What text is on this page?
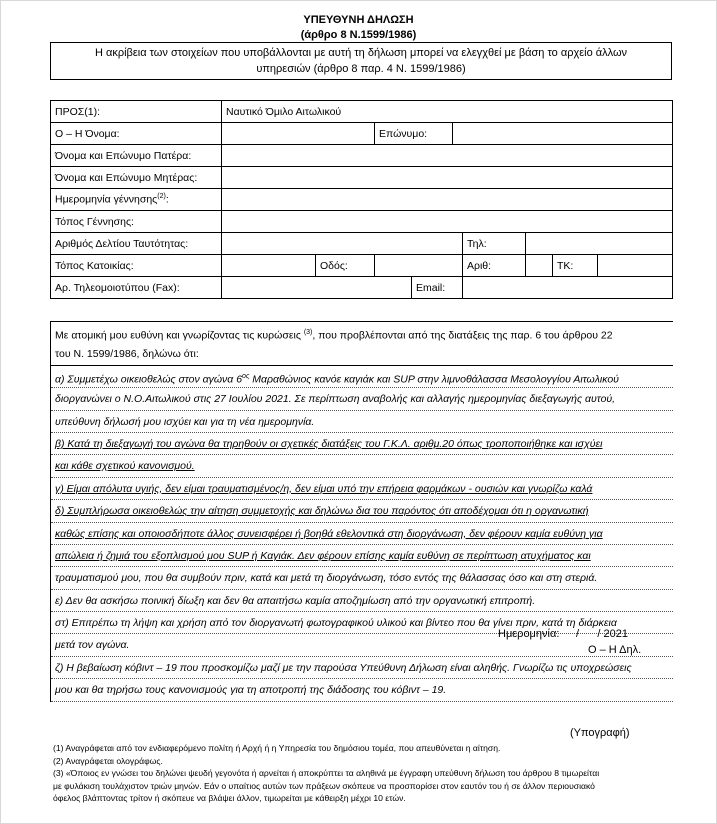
ΥΠΕΥΘΥΝΗ ΔΗΛΩΣΗ
(άρθρο 8 Ν.1599/1986)
Η ακρίβεια των στοιχείων που υποβάλλονται με αυτή τη δήλωση μπορεί να ελεγχθεί με βάση το αρχείο άλλων
υπηρεσιών (άρθρο 8 παρ. 4 Ν. 1599/1986)
ΠΡΟΣ(1):	Ναυτικό Όμιλο Αιτωλικού								
Ο – Η Όνομα:			Επώνυμο:						
Όνομα και Επώνυμο Πατέρα:									
Όνομα και Επώνυμο Μητέρας:									
Ημερομηνία γέννησης$^{(2)}$:									
Τόπος Γέννησης:									
Αριθμός Δελτίου Ταυτότητας:						Τηλ:			
Τόπος Κατοικίας:		Οδός:				Αριθ:		ΤΚ:	
Αρ. Τηλεομοιοτύπου (Fax):				Email:					
Με ατομική μου ευθύνη και γνωρίζοντας τις κυρώσεις $^{(3)}$, που προβλέπονται από της διατάξεις της παρ. 6 του άρθρου 22
του Ν. 1599/1986, δηλώνω ότι:
α) Συμμετέχω οικειοθελώς στον αγώνα $6^{o\varsigma}$ Μαραθώνιος κανόε καγιάκ και SUP στην λιμνοθάλασσα Μεσολογγίου Αιτωλικού
διοργανώνει ο Ν.Ο.Αιτωλικού στις 27 Ιουλίου 2021. Σε περίπτωση αναβολής και αλλαγής ημερομηνίας διεξαγωγής αυτού,
υπεύθυνη δήλωσή μου ισχύει και για τη νέα ημερομηνία.
β) Κατά τη διεξαγωγή του αγώνα θα τηρηθούν οι σχετικές διατάξεις του Γ.Κ.Λ. αριθμ.20 όπως τροποποιήθηκε και ισχύει
και κάθε σχετικού κανονισμού.
γ) Είμαι απόλυτα υγιής, δεν είμαι τραυματισμένος/η, δεν είμαι υπό την επήρεια φαρμάκων - ουσιών και γνωρίζω καλά
δ) Συμπλήρωσα οικειοθελώς την αίτηση συμμετοχής και δηλώνω δια του παρόντος ότι αποδέχομαι ότι η οργανωτική
καθώς επίσης και οποιοσδήποτε άλλος συνεισφέρει ή βοηθά εθελοντικά στη διοργάνωση, δεν φέρουν καμία ευθύνη για
απώλεια ή ζημιά του εξοπλισμού μου SUP ή Καγιάκ. Δεν φέρουν επίσης καμία ευθύνη σε περίπτωση ατυχήματος και
τραυματισμού μου, που θα συμβούν πριν, κατά και μετά τη διοργάνωση, τόσο εντός της θάλασσας όσο και στη στεριά.
ε) Δεν θα ασκήσω ποινική δίωξη και δεν θα απαιτήσω καμία αποζημίωση από την οργανωτική επιτροπή.
στ) Επιτρέπω τη λήψη και χρήση από τον διοργανωτή φωτογραφικού υλικού και βίντεο που θα γίνει πριν, κατά τη διάρκεια
μετά τον αγώνα.
ζ) Η βεβαίωση κόβιντ – 19 που προσκομίζω μαζί με την παρούσα Υπεύθυνη Δήλωση είναι αληθής. Γνωρίζω τις υποχρεώσεις
μου και θα τηρήσω τους κανονισμούς για τη αποτροπή της διάδοσης του κόβιντ – 19.
Ημερομηνία: /      / 2021
Ο – Η Δηλ.
(Υπογραφή)
(1) Αναγράφεται από τον ενδιαφερόμενο πολίτη ή Αρχή ή η Υπηρεσία του δημόσιου τομέα, που απευθύνεται η αίτηση.
(2) Αναγράφεται ολογράφως.
(3) «Όποιος εν γνώσει του δηλώνει ψευδή γεγονότα ή αρνείται ή αποκρύπτει τα αληθινά με έγγραφη υπεύθυνη δήλωση του άρθρου 8 τιμωρείται
με φυλάκιση τουλάχιστον τριών μηνών. Εάν ο υπαίτιος αυτών των πράξεων σκόπευε να προσπορίσει στον εαυτόν του ή σε άλλον περιουσιακό
όφελος βλάπτοντας τρίτον ή σκόπευε να βλάψει άλλον, τιμωρείται με κάθειρξη μέχρι 10 ετών.
